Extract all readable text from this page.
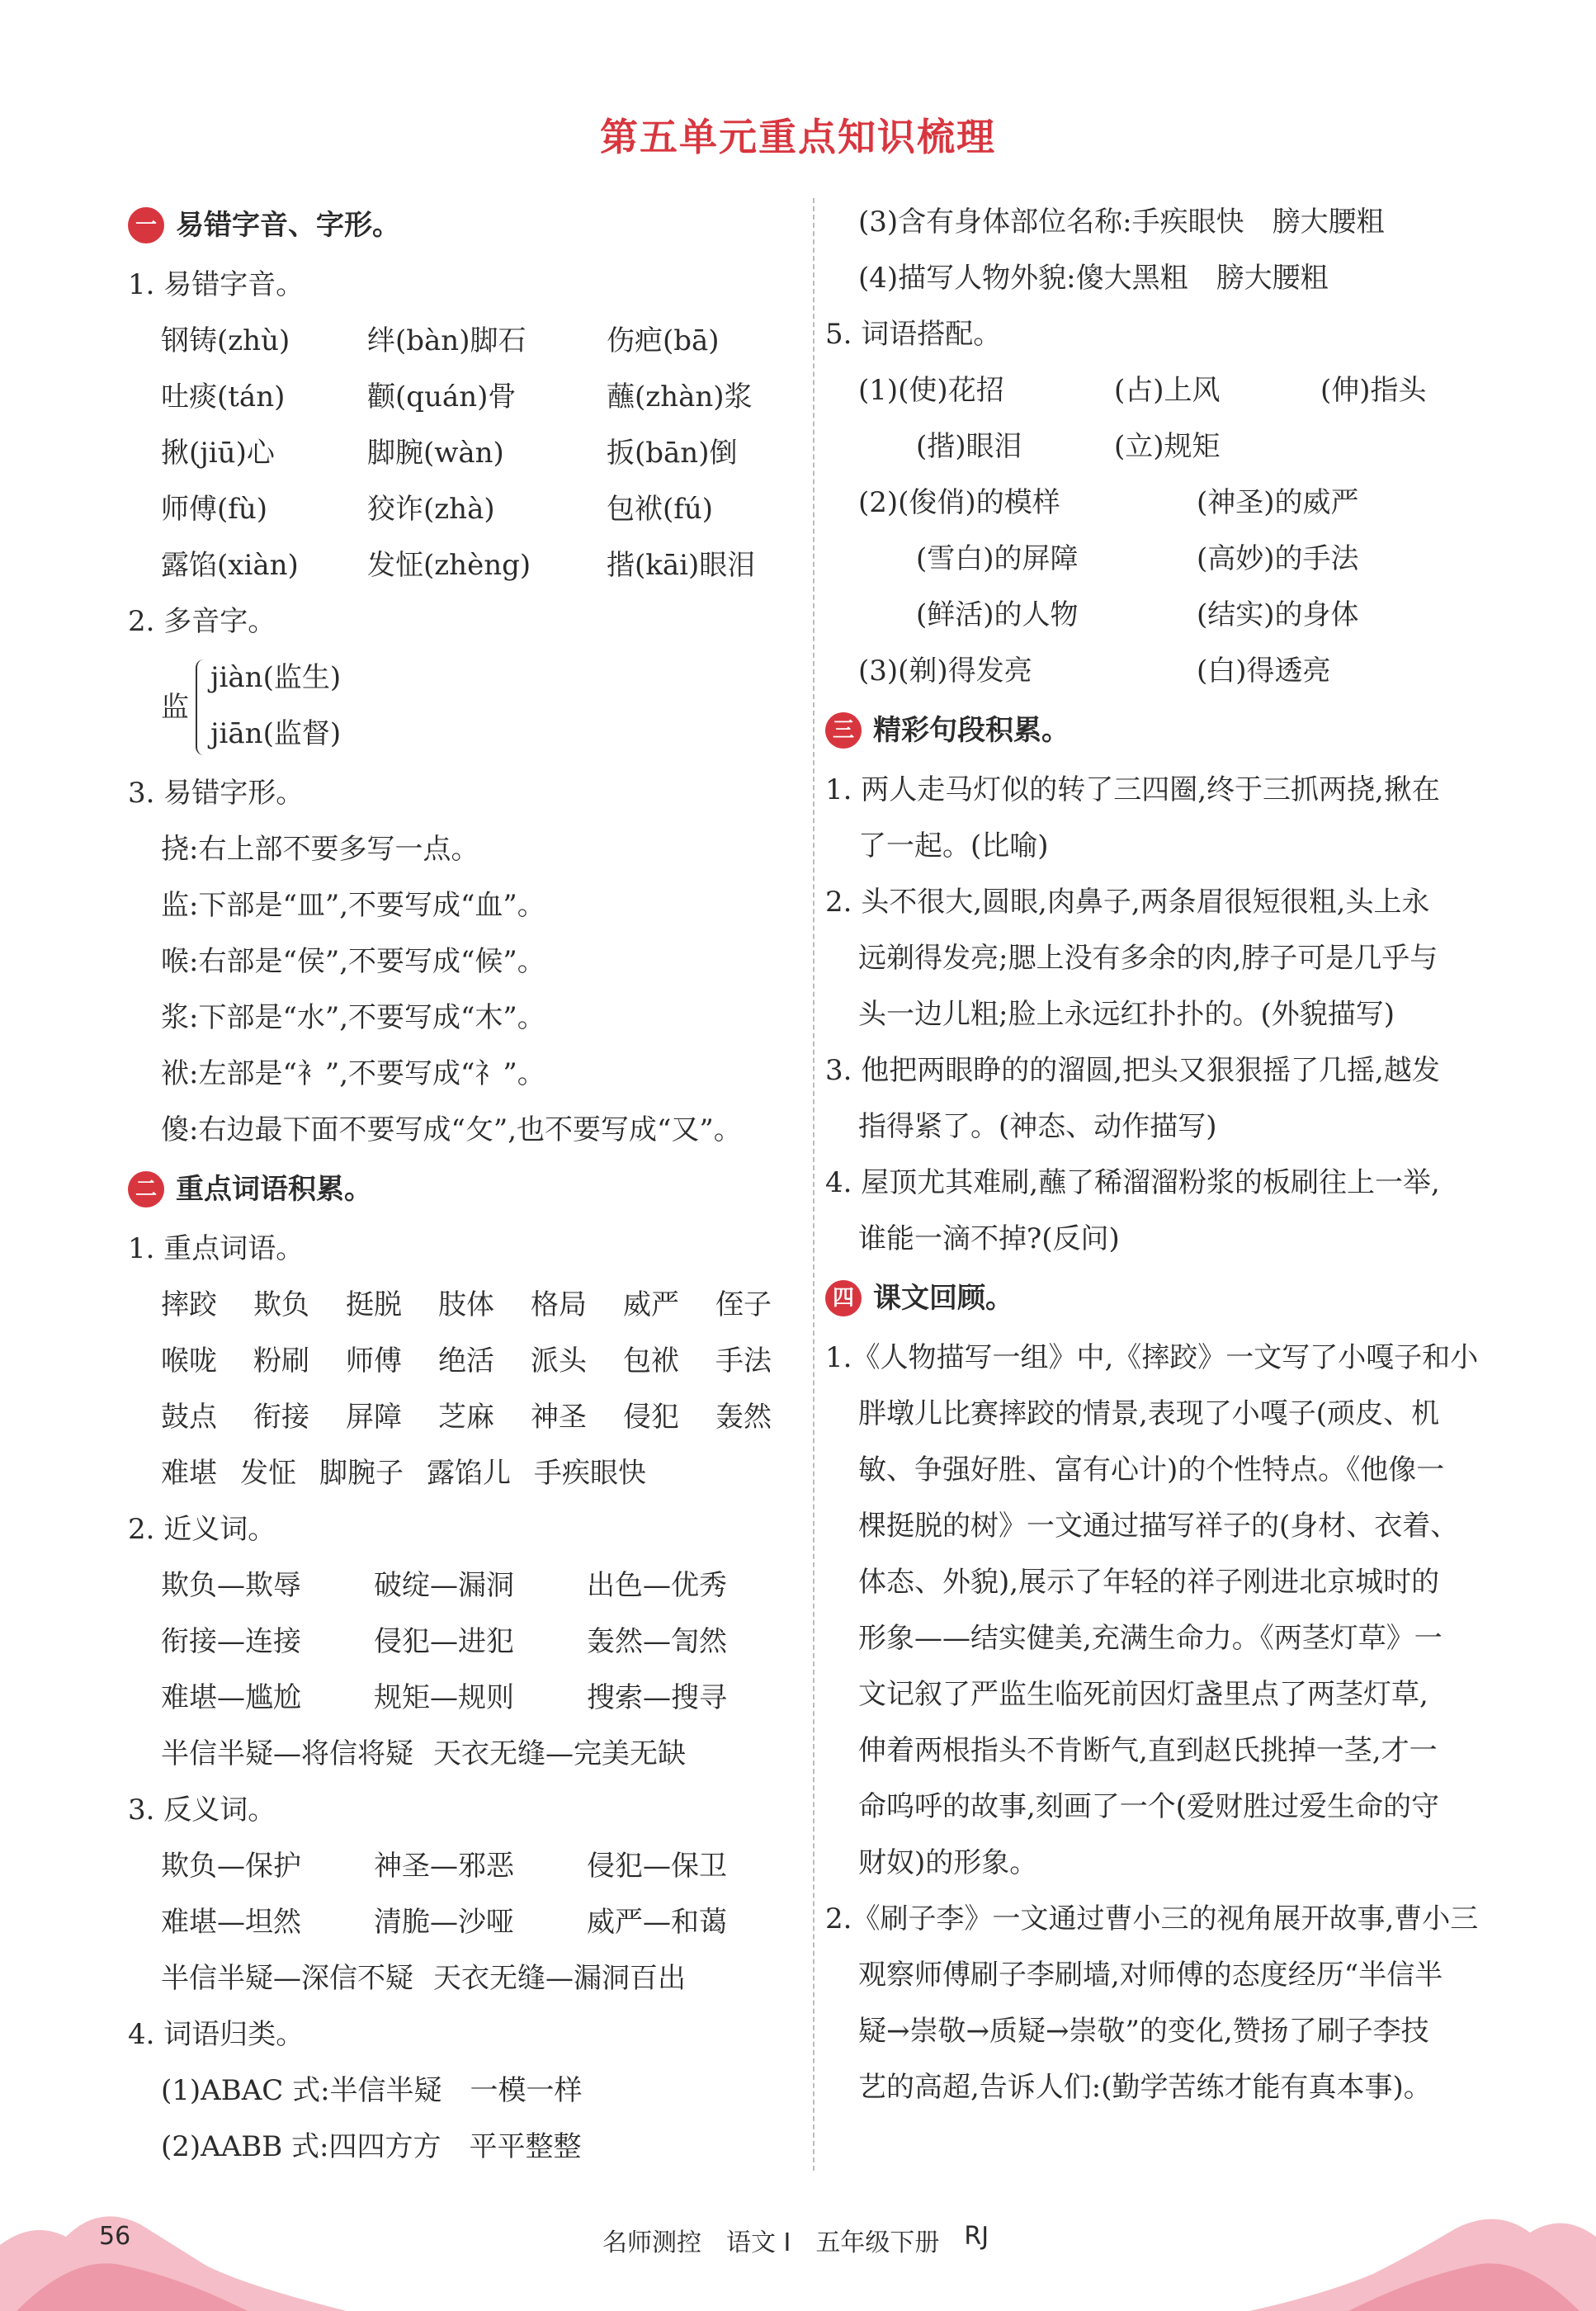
第五单元重点知识梳理
一 易错字音、字形。
1. 易错字音。
钢铸(zhù)	绊(bàn)脚石	伤疤(bā)
吐痰(tán)	颧(quán)骨	蘸(zhàn)浆
揪(jiū)心	脚腕(wàn)	扳(bān)倒
师傅(fù)	狡诈(zhà)	包袱(fú)
露馅(xiàn)	发怔(zhèng)	揩(kāi)眼泪
2. 多音字。
监
jiàn(监生)
jiān(监督)
3. 易错字形。
挠:右上部不要多写一点。
监:下部是“皿”,不要写成“血”。
喉:右部是“侯”,不要写成“候”。
浆:下部是“水”,不要写成“木”。
袱:左部是“衤”,不要写成“礻”。
傻:右边最下面不要写成“攵”,也不要写成“又”。
二 重点词语积累。
1. 重点词语。
摔跤	欺负	挺脱	肢体	格局	威严	侄子
喉咙	粉刷	师傅	绝活	派头	包袱	手法
鼓点	衔接	屏障	芝麻	神圣	侵犯	轰然
难堪 发怔 脚腕子 露馅儿 手疾眼快
2. 近义词。
欺负—欺辱	破绽—漏洞	出色—优秀
衔接—连接	侵犯—进犯	轰然—訇然
难堪—尴尬	规矩—规则	搜索—搜寻
半信半疑—将信将疑 天衣无缝—完美无缺
3. 反义词。
欺负—保护	神圣—邪恶	侵犯—保卫
难堪—坦然	清脆—沙哑	威严—和蔼
半信半疑—深信不疑 天衣无缝—漏洞百出
4. 词语归类。
(1)ABAC 式:半信半疑　一模一样
(2)AABB 式:四四方方　平平整整
(3)含有身体部位名称:手疾眼快　膀大腰粗
(4)描写人物外貌:傻大黑粗　膀大腰粗
5. 词语搭配。
(1)(使)花招	(占)上风	(伸)指头
(揩)眼泪	(立)规矩
(2)(俊俏)的模样	(神圣)的威严
(雪白)的屏障	(高妙)的手法
(鲜活)的人物	(结实)的身体
(3)(剃)得发亮	(白)得透亮
三 精彩句段积累。
1. 两人走马灯似的转了三四圈,终于三抓两挠,揪在
了一起。(比喻)
2. 头不很大,圆眼,肉鼻子,两条眉很短很粗,头上永
远剃得发亮;腮上没有多余的肉,脖子可是几乎与
头一边儿粗;脸上永远红扑扑的。(外貌描写)
3. 他把两眼睁的的溜圆,把头又狠狠摇了几摇,越发
指得紧了。(神态、动作描写)
4. 屋顶尤其难刷,蘸了稀溜溜粉浆的板刷往上一举,
谁能一滴不掉?(反问)
四 课文回顾。
1.《人物描写一组》中,《摔跤》一文写了小嘎子和小
胖墩儿比赛摔跤的情景,表现了小嘎子(顽皮、机
敏、争强好胜、富有心计)的个性特点。《他像一
棵挺脱的树》一文通过描写祥子的(身材、衣着、
体态、外貌),展示了年轻的祥子刚进北京城时的
形象——结实健美,充满生命力。《两茎灯草》一
文记叙了严监生临死前因灯盏里点了两茎灯草,
伸着两根指头不肯断气,直到赵氏挑掉一茎,才一
命呜呼的故事,刻画了一个(爱财胜过爱生命的守
财奴)的形象。
2.《刷子李》一文通过曹小三的视角展开故事,曹小三
观察师傅刷子李刷墙,对师傅的态度经历“半信半
疑→崇敬→质疑→崇敬”的变化,赞扬了刷子李技
艺的高超,告诉人们:(勤学苦练才能有真本事)。
56	名师测控 语文 I 五年级下册 RJ
